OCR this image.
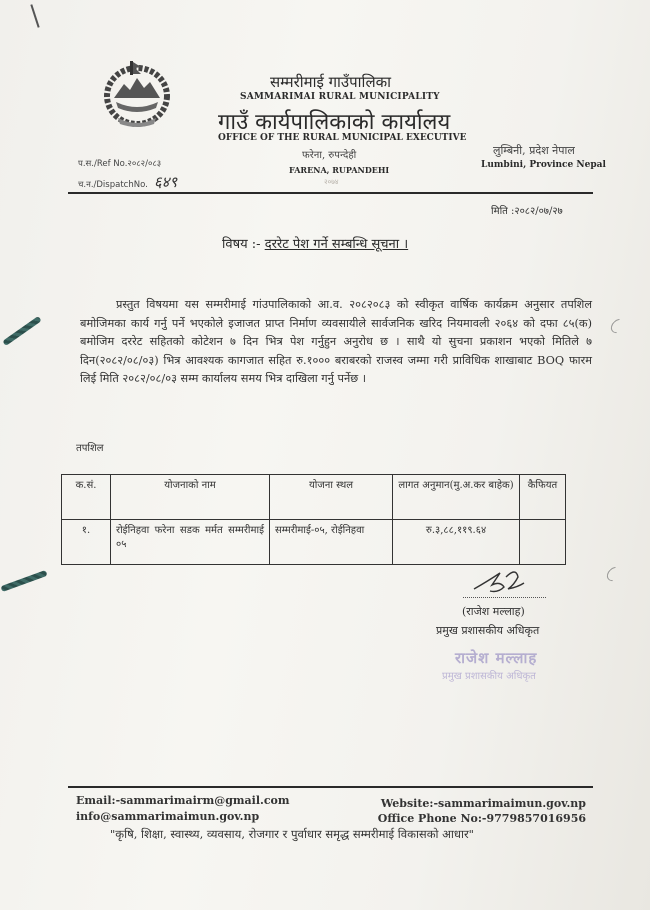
सम्मरीमाई गाउँपालिका
SAMMARIMAI RURAL MUNICIPALITY
गाउँ कार्यपालिकाको कार्यालय
OFFICE OF THE RURAL MUNICIPAL EXECUTIVE
फरेना, रुपन्देही
FARENA, RUPANDEHI
२०७४
लुम्बिनी, प्रदेश नेपाल
Lumbini, Province Nepal
प.स./Ref No.२०८२/०८३
च.न./DispatchNo. ६४९
मिति :२०८२/०७/२७
विषय :- दररेट पेश गर्ने सम्बन्धि सूचना ।
प्रस्तुत विषयमा यस सम्मरीमाई गांउपालिकाको आ.व. २०८२०८३ को स्वीकृत वार्षिक कार्यक्रम अनुसार तपशिल बमोजिमका कार्य गर्नु पर्ने भएकोले इजाजत प्राप्त निर्माण व्यवसायीले सार्वजनिक खरिद नियमावली २०६४ को दफा ८५(क) बमोजिम दररेट सहितको कोटेशन ७ दिन भित्र पेश गर्नुहुन अनुरोध छ । साथै यो सुचना प्रकाशन भएको मितिले ७ दिन(२०८२/०८/०३) भित्र आवश्यक कागजात सहित रु.१००० बराबरको राजस्व जम्मा गरी प्राविधिक शाखाबाट BOQ फारम लिई मिति २०८२/०८/०३ सम्म कार्यालय समय भित्र दाखिला गर्नु पर्नेछ ।
तपशिल
क.सं.	योजनाको नाम	योजना स्थल	लागत अनुमान(मु.अ.कर बाहेक)	कैफियत
१.	रोईनिहवा फरेना सडक मर्मत सम्मरीमाई ०५	सम्मरीमाई-०५, रोईनिहवा	रु.३,८८,११९.६४	
(राजेश मल्लाह)
प्रमुख प्रशासकीय अधिकृत
राजेश मल्लाह
प्रमुख प्रशासकीय अधिकृत
Email:-sammarimairm@gmail.com
info@sammarimaimun.gov.np
Website:-sammarimaimun.gov.np
Office Phone No:-9779857016956
"कृषि, शिक्षा, स्वास्थ्य, व्यवसाय, रोजगार र पुर्वाधार समृद्ध सम्मरीमाई विकासको आधार"
